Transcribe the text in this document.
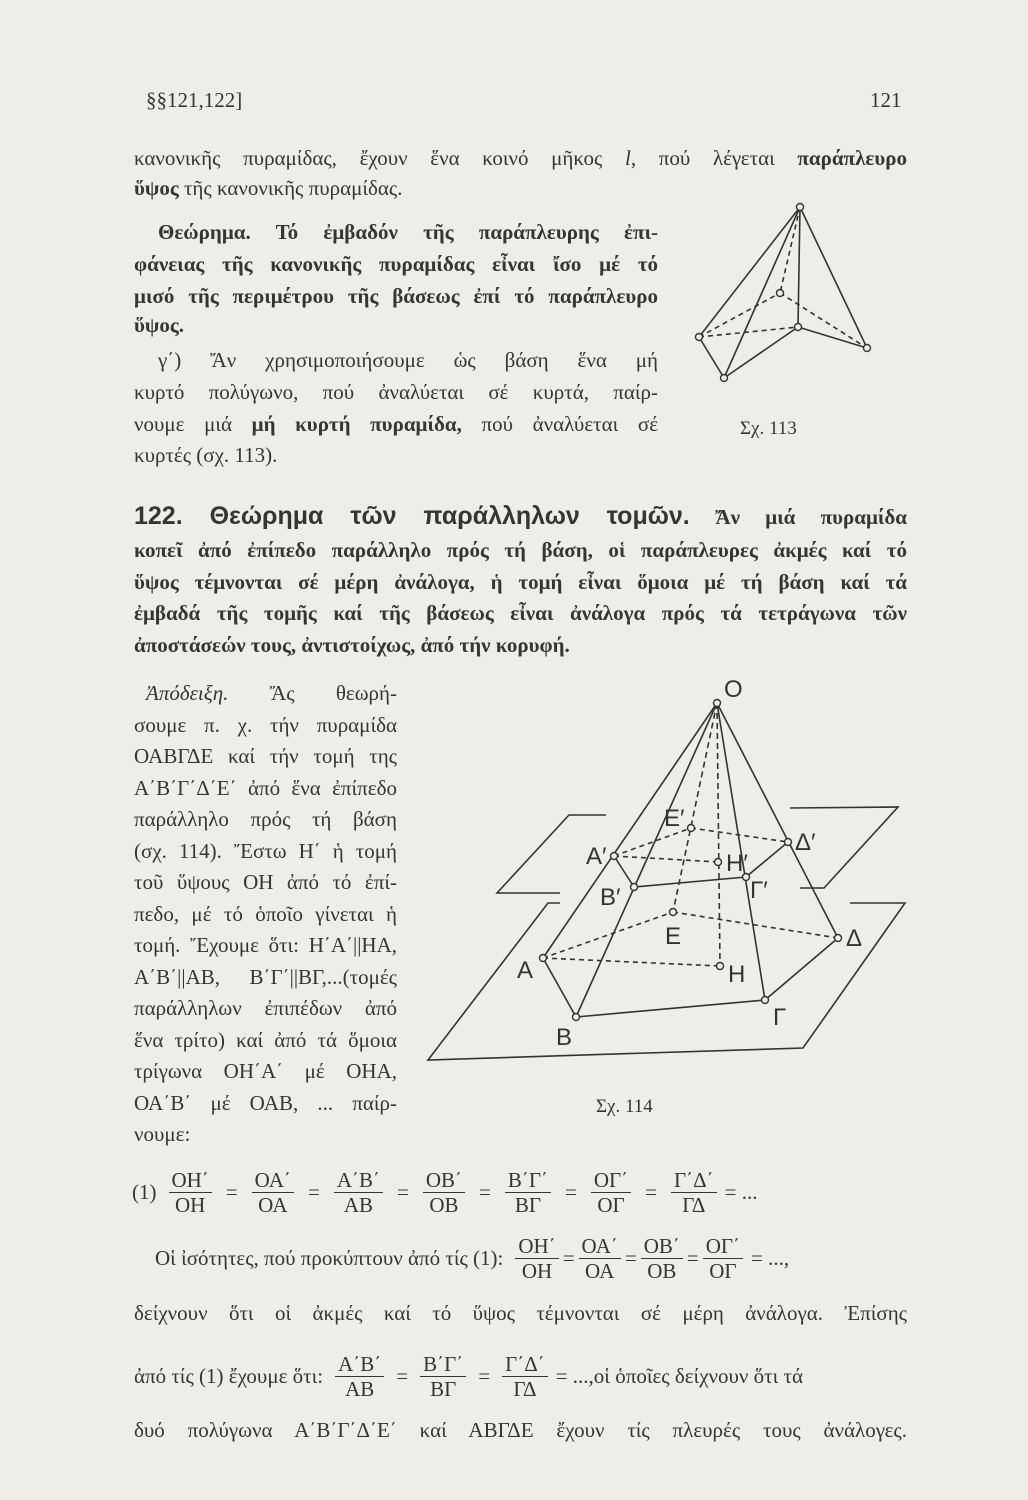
§§121,122]	121
κανονικῆς πυραμίδας, ἔχουν ἕνα κοινό μῆκος l, πού λέγεται παράπλευρο
ὕψος τῆς κανονικῆς πυραμίδας.
Θεώρημα. Τό ἐμβαδόν τῆς παράπλευρης ἐπι-
φάνειας τῆς κανονικῆς πυραμίδας εἶναι ἴσο μέ τό
μισό τῆς περιμέτρου τῆς βάσεως ἐπί τό παράπλευρο
ὕψος.
γ΄) Ἄν χρησιμοποιήσουμε ὡς βάση ἕνα μή
κυρτό πολύγωνο, πού ἀναλύεται σέ κυρτά, παίρ-
νουμε μιά μή κυρτή πυραμίδα, πού ἀναλύεται σέ
κυρτές (σχ. 113).
Σχ. 113
122. Θεώρημα τῶν παράλληλων τομῶν. Ἄν μιά πυραμίδα
κοπεῖ ἀπό ἐπίπεδο παράλληλο πρός τή βάση, οἱ παράπλευρες ἀκμές καί τό
ὕψος τέμνονται σέ μέρη ἀνάλογα, ἡ τομή εἶναι ὅμοια μέ τή βάση καί τά
ἐμβαδά τῆς τομῆς καί τῆς βάσεως εἶναι ἀνάλογα πρός τά τετράγωνα τῶν
ἀποστάσεών τους, ἀντιστοίχως, ἀπό τήν κορυφή.
Ἀπόδειξη. Ἄς θεωρή-
σουμε π. χ. τήν πυραμίδα
ΟΑΒΓΔΕ καί τήν τομή της
Α΄Β΄Γ΄Δ΄Ε΄ ἀπό ἕνα ἐπίπεδο
παράλληλο πρός τή βάση
(σχ. 114). Ἔστω Η΄ ἡ τομή
τοῦ ὕψους ΟΗ ἀπό τό ἐπί-
πεδο, μέ τό ὁποῖο γίνεται ἡ
τομή. Ἔχουμε ὅτι: Η΄Α΄||ΗΑ,
Α΄Β΄||ΑΒ, Β΄Γ΄||ΒΓ,...(τομές
παράλληλων ἐπιπέδων ἀπό
ἕνα τρίτο) καί ἀπό τά ὅμοια
τρίγωνα ΟΗ΄Α΄ μέ ΟΗΑ,
ΟΑ΄Β΄ μέ ΟΑΒ, ... παίρ-
νουμε:
O
E′
A′	H′
Δ′
B′	Γ′
E
A	H
Δ
B
Γ
Σχ. 114
$(1) \frac{OH΄}{OH} = \frac{OA΄}{OA} = \frac{A΄B΄}{AB} = \frac{OB΄}{OB} = \frac{B΄\Gamma΄}{B\Gamma} = \frac{O\Gamma΄}{O\Gamma} = \frac{\Gamma΄\Delta΄}{\Gamma\Delta}$ = ...
Οἱ ἰσότητες, πού προκύπτουν ἀπό τίς (1): $\frac{OH΄}{OH} = \frac{OA΄}{OA} = \frac{OB΄}{OB} = \frac{O\Gamma΄}{O\Gamma}$ = ...,
δείχνουν ὅτι οἱ ἀκμές καί τό ὕψος τέμνονται σέ μέρη ἀνάλογα. Ἐπίσης
ἀπό τίς (1) ἔχουμε ὅτι: $\frac{A΄B΄}{AB} = \frac{B΄\Gamma΄}{B\Gamma} = \frac{\Gamma΄\Delta΄}{\Gamma\Delta}$ = ...,οἱ ὁποῖες δείχνουν ὅτι τά
δυό πολύγωνα Α΄Β΄Γ΄Δ΄Ε΄ καί ΑΒΓΔΕ ἔχουν τίς πλευρές τους ἀνάλογες.
